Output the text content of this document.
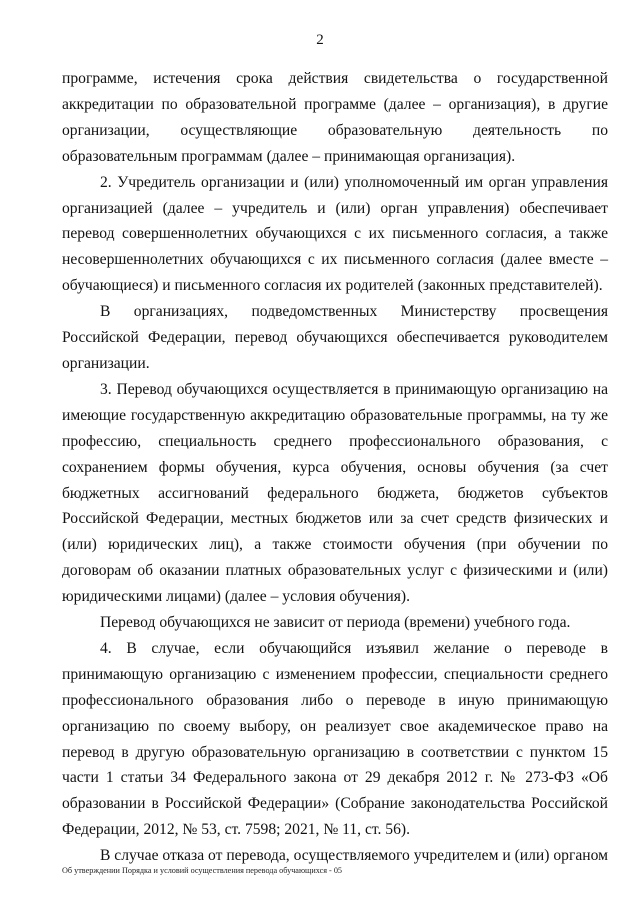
2

программе, истечения срока действия свидетельства о государственной аккредитации по образовательной программе (далее – организация), в другие организации, осуществляющие образовательную деятельность по образовательным программам (далее – принимающая организация).

2. Учредитель организации и (или) уполномоченный им орган управления организацией (далее – учредитель и (или) орган управления) обеспечивает перевод совершеннолетних обучающихся с их письменного согласия, а также несовершеннолетних обучающихся с их письменного согласия (далее вместе – обучающиеся) и письменного согласия их родителей (законных представителей).

В организациях, подведомственных Министерству просвещения Российской Федерации, перевод обучающихся обеспечивается руководителем организации.

3. Перевод обучающихся осуществляется в принимающую организацию на имеющие государственную аккредитацию образовательные программы, на ту же профессию, специальность среднего профессионального образования, с сохранением формы обучения, курса обучения, основы обучения (за счет бюджетных ассигнований федерального бюджета, бюджетов субъектов Российской Федерации, местных бюджетов или за счет средств физических и (или) юридических лиц), а также стоимости обучения (при обучении по договорам об оказании платных образовательных услуг с физическими и (или) юридическими лицами) (далее – условия обучения).

Перевод обучающихся не зависит от периода (времени) учебного года.

4. В случае, если обучающийся изъявил желание о переводе в принимающую организацию с изменением профессии, специальности среднего профессионального образования либо о переводе в иную принимающую организацию по своему выбору, он реализует свое академическое право на перевод в другую образовательную организацию в соответствии с пунктом 15 части 1 статьи 34 Федерального закона от 29 декабря 2012 г. № 273-ФЗ «Об образовании в Российской Федерации» (Собрание законодательства Российской Федерации, 2012, № 53, ст. 7598; 2021, № 11, ст. 56).

В случае отказа от перевода, осуществляемого учредителем и (или) органом

Об утверждении Порядка и условий осуществления перевода обучающихся - 05
